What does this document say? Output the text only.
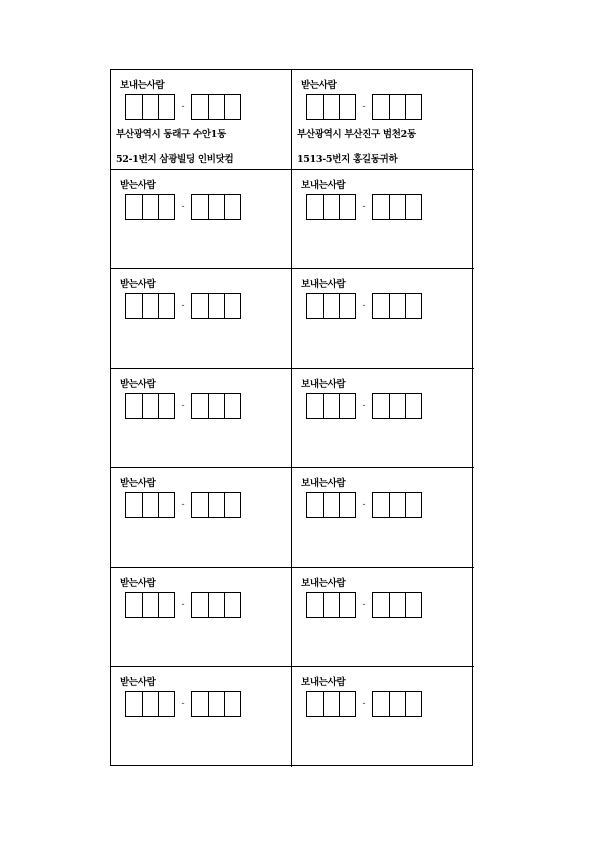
보내는사람
-
부산광역시 동래구 수안1동
52-1번지 삼광빌딩 인비닷컴
받는사람
-
부산광역시 부산진구 범천2동
1513-5번지 홍길동귀하
받는사람
-
보내는사람
-
받는사람
-
보내는사람
-
받는사람
-
보내는사람
-
받는사람
-
보내는사람
-
받는사람
-
보내는사람
-
받는사람
-
보내는사람
-
